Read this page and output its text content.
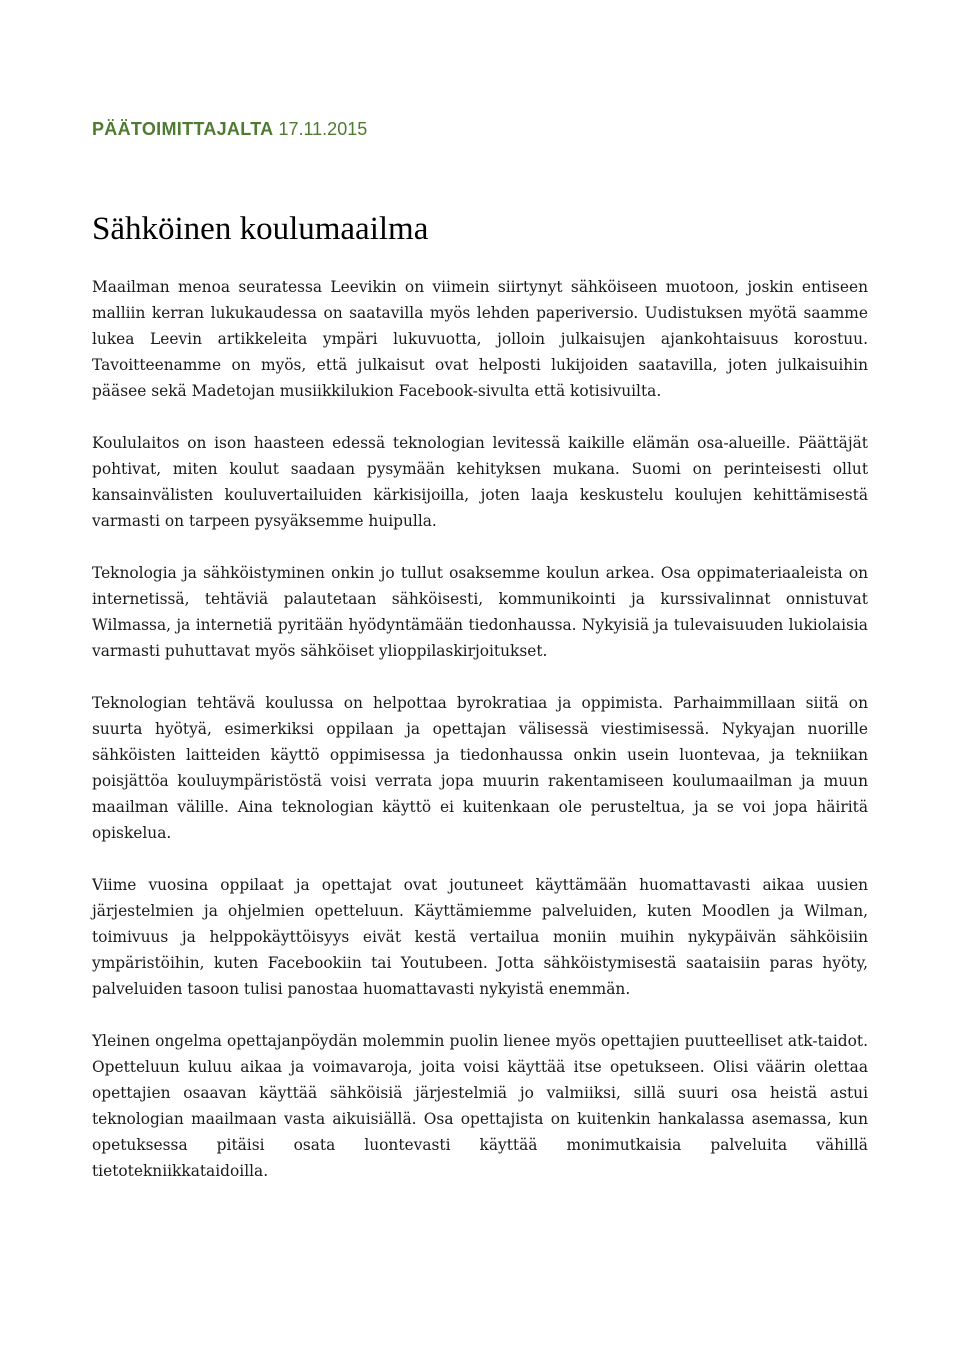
PÄÄTOIMITTAJALTA 17.11.2015
Sähköinen koulumaailma

Maailman menoa seuratessa Leevikin on viimein siirtynyt sähköiseen muotoon, joskin entiseen malliin kerran lukukaudessa on saatavilla myös lehden paperiversio. Uudistuksen myötä saamme lukea Leevin artikkeleita ympäri lukuvuotta, jolloin julkaisujen ajankohtaisuus korostuu. Tavoitteenamme on myös, että julkaisut ovat helposti lukijoiden saatavilla, joten julkaisuihin pääsee sekä Madetojan musiikkilukion Facebook-sivulta että kotisivuilta.

Koululaitos on ison haasteen edessä teknologian levitessä kaikille elämän osa-alueille. Päättäjät pohtivat, miten koulut saadaan pysymään kehityksen mukana. Suomi on perinteisesti ollut kansainvälisten kouluvertailuiden kärkisijoilla, joten laaja keskustelu koulujen kehittämisestä varmasti on tarpeen pysyäksemme huipulla.

Teknologia ja sähköistyminen onkin jo tullut osaksemme koulun arkea. Osa oppimateriaaleista on internetissä, tehtäviä palautetaan sähköisesti, kommunikointi ja kurssivalinnat onnistuvat Wilmassa, ja internetiä pyritään hyödyntämään tiedonhaussa. Nykyisiä ja tulevaisuuden lukiolaisia varmasti puhuttavat myös sähköiset ylioppilaskirjoitukset.

Teknologian tehtävä koulussa on helpottaa byrokratiaa ja oppimista. Parhaimmillaan siitä on suurta hyötyä, esimerkiksi oppilaan ja opettajan välisessä viestimisessä. Nykyajan nuorille sähköisten laitteiden käyttö oppimisessa ja tiedonhaussa onkin usein luontevaa, ja tekniikan poisjättöa kouluympäristöstä voisi verrata jopa muurin rakentamiseen koulumaailman ja muun maailman välille. Aina teknologian käyttö ei kuitenkaan ole perusteltua, ja se voi jopa häiritä opiskelua.

Viime vuosina oppilaat ja opettajat ovat joutuneet käyttämään huomattavasti aikaa uusien järjestelmien ja ohjelmien opetteluun. Käyttämiemme palveluiden, kuten Moodlen ja Wilman, toimivuus ja helppokäyttöisyys eivät kestä vertailua moniin muihin nykypäivän sähköisiin ympäristöihin, kuten Facebookiin tai Youtubeen. Jotta sähköistymisestä saataisiin paras hyöty, palveluiden tasoon tulisi panostaa huomattavasti nykyistä enemmän.

Yleinen ongelma opettajanpöydän molemmin puolin lienee myös opettajien puutteelliset atk-taidot. Opetteluun kuluu aikaa ja voimavaroja, joita voisi käyttää itse opetukseen. Olisi väärin olettaa opettajien osaavan käyttää sähköisiä järjestelmiä jo valmiiksi, sillä suuri osa heistä astui teknologian maailmaan vasta aikuisiällä. Osa opettajista on kuitenkin hankalassa asemassa, kun opetuksessa pitäisi osata luontevasti käyttää monimutkaisia palveluita vähillä tietotekniikkataidoilla.
